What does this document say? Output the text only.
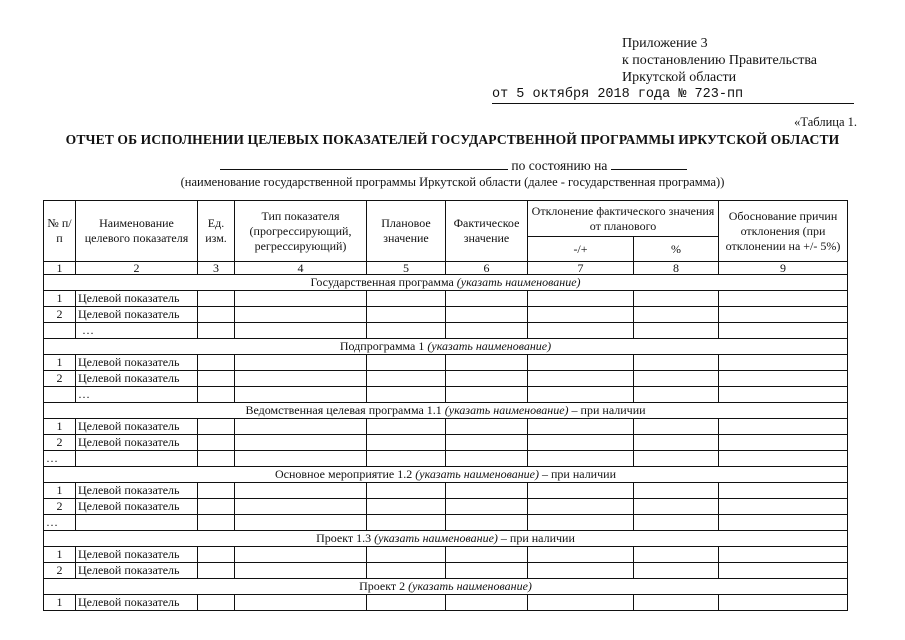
Приложение 3
к постановлению Правительства
Иркутской области
от 5 октября 2018 года № 723-пп
«Таблица 1.
ОТЧЕТ ОБ ИСПОЛНЕНИИ ЦЕЛЕВЫХ ПОКАЗАТЕЛЕЙ ГОСУДАРСТВЕННОЙ ПРОГРАММЫ ИРКУТСКОЙ ОБЛАСТИ
по состоянию на
(наименование государственной программы Иркутской области (далее - государственная программа))
№ п/п	Наименование целевого показателя	Ед. изм.	Тип показателя (прогрессирующий, регрессирующий)	Плановое значение	Фактическое значение	Отклонение фактического значения от планового		Обоснование причин отклонения (при отклонении на +/- 5%)
						-/+	%	
1	2	3	4	5	6	7	8	9
Государственная программа (указать наименование)								
1	Целевой показатель							
2	Целевой показатель							
	…							
Подпрограмма 1 (указать наименование)								
1	Целевой показатель							
2	Целевой показатель							
	…							
Ведомственная целевая программа 1.1 (указать наименование) – при наличии								
1	Целевой показатель							
2	Целевой показатель							
…								
Основное мероприятие 1.2 (указать наименование) – при наличии								
1	Целевой показатель							
2	Целевой показатель							
…								
Проект 1.3 (указать наименование) – при наличии								
1	Целевой показатель							
2	Целевой показатель							
Проект 2 (указать наименование)								
1	Целевой показатель							
